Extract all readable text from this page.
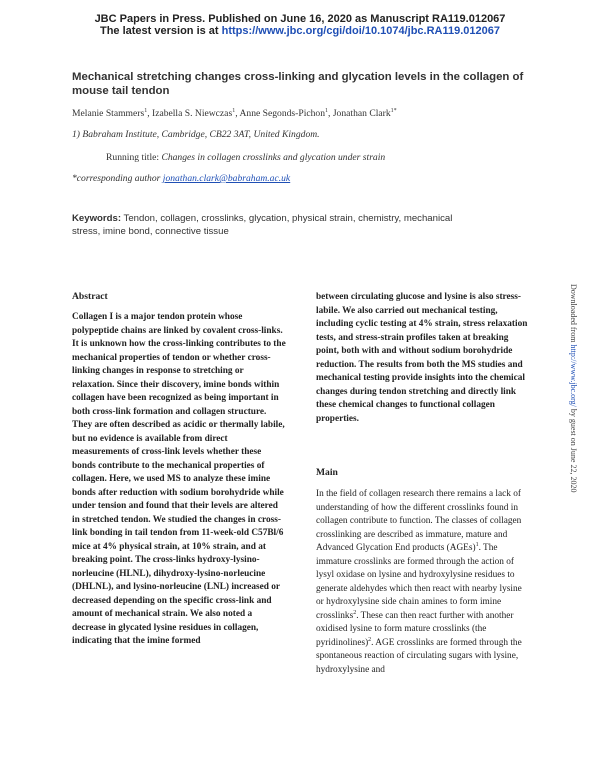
JBC Papers in Press. Published on June 16, 2020 as Manuscript RA119.012067
The latest version is at https://www.jbc.org/cgi/doi/10.1074/jbc.RA119.012067
Mechanical stretching changes cross-linking and glycation levels in the collagen of mouse tail tendon
Melanie Stammers$^1$, Izabella S. Niewczas$^1$, Anne Segonds-Pichon$^1$, Jonathan Clark$^{1*}$
1) Babraham Institute, Cambridge, CB22 3AT, United Kingdom.
Running title: Changes in collagen crosslinks and glycation under strain
*corresponding author jonathan.clark@babraham.ac.uk
Keywords: Tendon, collagen, crosslinks, glycation, physical strain, chemistry, mechanical stress, imine bond, connective tissue
Abstract

Collagen I is a major tendon protein whose polypeptide chains are linked by covalent cross-links. It is unknown how the cross-linking contributes to the mechanical properties of tendon or whether cross-linking changes in response to stretching or relaxation. Since their discovery, imine bonds within collagen have been recognized as being important in both cross-link formation and collagen structure. They are often described as acidic or thermally labile, but no evidence is available from direct measurements of cross-link levels whether these bonds contribute to the mechanical properties of collagen. Here, we used MS to analyze these imine bonds after reduction with sodium borohydride while under tension and found that their levels are altered in stretched tendon. We studied the changes in cross-link bonding in tail tendon from 11-week-old C57Bl/6 mice at 4% physical strain, at 10% strain, and at breaking point. The cross-links hydroxy-lysino-norleucine (HLNL), dihydroxy-lysino-norleucine (DHLNL), and lysino-norleucine (LNL) increased or decreased depending on the specific cross-link and amount of mechanical strain. We also noted a decrease in glycated lysine residues in collagen, indicating that the imine formed

between circulating glucose and lysine is also stress-labile. We also carried out mechanical testing, including cyclic testing at 4% strain, stress relaxation tests, and stress-strain profiles taken at breaking point, both with and without sodium borohydride reduction. The results from both the MS studies and mechanical testing provide insights into the chemical changes during tendon stretching and directly link these chemical changes to functional collagen properties.

Main

In the field of collagen research there remains a lack of understanding of how the different crosslinks found in collagen contribute to function. The classes of collagen crosslinking are described as immature, mature and Advanced Glycation End products (AGEs)$^1$. The immature crosslinks are formed through the action of lysyl oxidase on lysine and hydroxylysine residues to generate aldehydes which then react with nearby lysine or hydroxylysine side chain amines to form imine crosslinks$^2$. These can then react further with another oxidised lysine to form mature crosslinks (the pyridinolines)$^2$. AGE crosslinks are formed through the spontaneous reaction of circulating sugars with lysine, hydroxylysine and

Downloaded from http://www.jbc.org/ by guest on June 22, 2020
